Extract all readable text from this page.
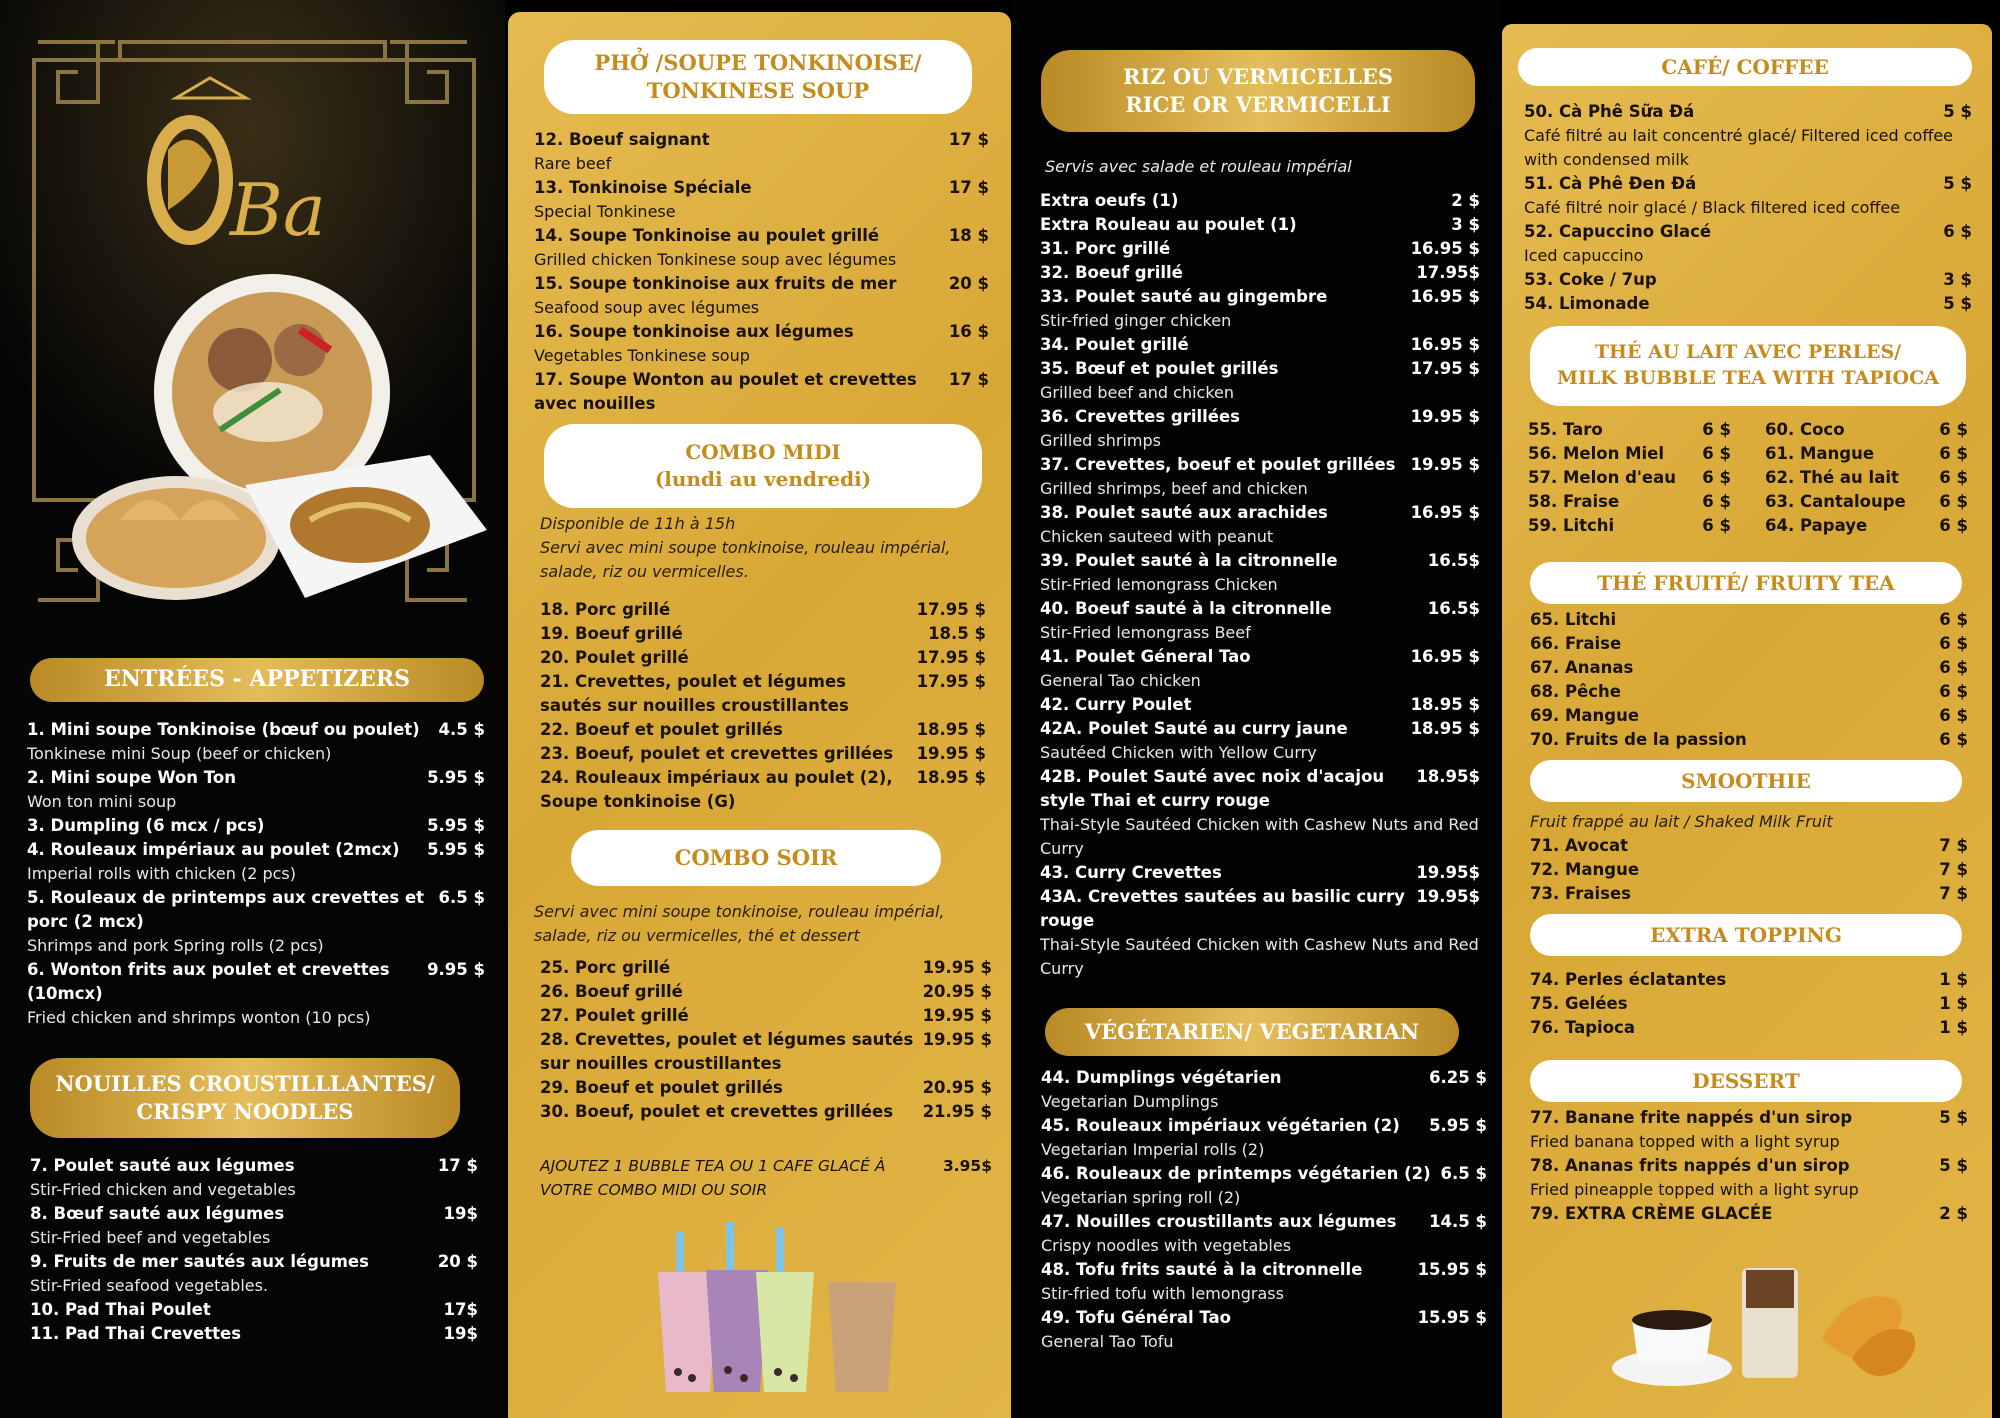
Ba
ENTRÉES - APPETIZERS
1. Mini soupe Tonkinoise (bœuf ou poulet)	4.5 $
Tonkinese mini Soup (beef or chicken)
2. Mini soupe Won Ton	5.95 $
Won ton mini soup
3. Dumpling (6 mcx / pcs)	5.95 $
4. Rouleaux impériaux au poulet (2mcx)	5.95 $
Imperial rolls with chicken (2 pcs)
5. Rouleaux de printemps aux crevettes et porc (2 mcx)
6.5 $
Shrimps and pork Spring rolls (2 pcs)
6. Wonton frits aux poulet et crevettes (10mcx)
9.95 $
Fried chicken and shrimps wonton (10 pcs)
NOUILLES CROUSTILLLANTES/
CRISPY NOODLES
7. Poulet sauté aux légumes	17 $
Stir-Fried chicken and vegetables
8. Bœuf sauté aux légumes	19$
Stir-Fried beef and vegetables
9. Fruits de mer sautés aux légumes	20 $
Stir-Fried seafood vegetables.
10. Pad Thai Poulet	17$
11. Pad Thai Crevettes	19$
PHỞ /SOUPE TONKINOISE/
TONKINESE SOUP
12. Boeuf saignant	17 $
Rare beef
13. Tonkinoise Spéciale	17 $
Special Tonkinese
14. Soupe Tonkinoise au poulet grillé	18 $
Grilled chicken Tonkinese soup avec légumes
15. Soupe tonkinoise aux fruits de mer	20 $
Seafood soup avec légumes
16. Soupe tonkinoise aux légumes	16 $
Vegetables Tonkinese soup
17. Soupe Wonton au poulet et crevettes avec nouilles
17 $
COMBO MIDI
(lundi au vendredi)
Disponible de 11h à 15h
Servi avec mini soupe tonkinoise, rouleau impérial, salade, riz ou vermicelles.
18. Porc grillé	17.95 $
19. Boeuf grillé	18.5 $
20. Poulet grillé	17.95 $
21. Crevettes, poulet et légumes sautés sur nouilles croustillantes
17.95 $
22. Boeuf et poulet grillés	18.95 $
23. Boeuf, poulet et crevettes grillées	19.95 $
24. Rouleaux impériaux au poulet (2), Soupe tonkinoise (G)
18.95 $
COMBO SOIR
Servi avec mini soupe tonkinoise, rouleau impérial, salade, riz ou vermicelles, thé et dessert
25. Porc grillé	19.95 $
26. Boeuf grillé	20.95 $
27. Poulet grillé	19.95 $
28. Crevettes, poulet et légumes sautés sur nouilles croustillantes
19.95 $
29. Boeuf et poulet grillés	20.95 $
30. Boeuf, poulet et crevettes grillées	21.95 $
AJOUTEZ 1 BUBBLE TEA OU 1 CAFE GLACÉ À VOTRE COMBO MIDI OU SOIR
3.95$
RIZ OU VERMICELLES
RICE OR VERMICELLI
Servis avec salade et rouleau impérial
Extra oeufs (1)	2 $
Extra Rouleau au poulet (1)	3 $
31. Porc grillé	16.95 $
32. Boeuf grillé	17.95$
33. Poulet sauté au gingembre	16.95 $
Stir-fried ginger chicken
34. Poulet grillé	16.95 $
35. Bœuf et poulet grillés	17.95 $
Grilled beef and chicken
36. Crevettes grillées	19.95 $
Grilled shrimps
37. Crevettes, boeuf et poulet grillées 19.95 $
Grilled shrimps, beef and chicken
38. Poulet sauté aux arachides	16.95 $
Chicken sauteed with peanut
39. Poulet sauté à la citronnelle	16.5$
Stir-Fried lemongrass Chicken
40. Boeuf sauté à la citronnelle	16.5$
Stir-Fried lemongrass Beef
41. Poulet Géneral Tao	16.95 $
General Tao chicken
42. Curry Poulet	18.95 $
42A. Poulet Sauté au curry jaune	18.95 $
Sautéed Chicken with Yellow Curry
42B. Poulet Sauté avec noix d'acajou style Thai et curry rouge
18.95$
Thai-Style Sautéed Chicken with Cashew Nuts and Red Curry
43. Curry Crevettes	19.95$
43A. Crevettes sautées au basilic curry rouge
19.95$
Thai-Style Sautéed Chicken with Cashew Nuts and Red Curry
VÉGÉTARIEN/ VEGETARIAN
44. Dumplings végétarien	6.25 $
Vegetarian Dumplings
45. Rouleaux impériaux végétarien (2)	5.95 $
Vegetarian Imperial rolls (2)
46. Rouleaux de printemps végétarien (2) 6.5 $
Vegetarian spring roll (2)
47. Nouilles croustillants aux légumes	14.5 $
Crispy noodles with vegetables
48. Tofu frits sauté à la citronnelle	15.95 $
Stir-fried tofu with lemongrass
49. Tofu Général Tao	15.95 $
General Tao Tofu
CAFÉ/ COFFEE
50. Cà Phê Sữa Đá	5 $
Café filtré au lait concentré glacé/ Filtered iced coffee with condensed milk
51. Cà Phê Đen Đá	5 $
Café filtré noir glacé / Black filtered iced coffee
52. Capuccino Glacé	6 $
Iced capuccino
53. Coke / 7up	3 $
54. Limonade	5 $
THÉ AU LAIT AVEC PERLES/
MILK BUBBLE TEA WITH TAPIOCA
55. Taro	6 $ 60. Coco	6 $
56. Melon Miel	6 $ 61. Mangue	6 $
57. Melon d'eau	6 $ 62. Thé au lait	6 $
58. Fraise	6 $ 63. Cantaloupe	6 $
59. Litchi	6 $ 64. Papaye	6 $
THÉ FRUITÉ/ FRUITY TEA
65. Litchi	6 $
66. Fraise	6 $
67. Ananas	6 $
68. Pêche	6 $
69. Mangue	6 $
70. Fruits de la passion	6 $
SMOOTHIE
Fruit frappé au lait / Shaked Milk Fruit
71. Avocat	7 $
72. Mangue	7 $
73. Fraises	7 $
EXTRA TOPPING
74. Perles éclatantes	1 $
75. Gelées	1 $
76. Tapioca	1 $
DESSERT
77. Banane frite nappés d'un sirop	5 $
Fried banana topped with a light syrup
78. Ananas frits nappés d'un sirop	5 $
Fried pineapple topped with a light syrup
79. EXTRA CRÈME GLACÉE	2 $
